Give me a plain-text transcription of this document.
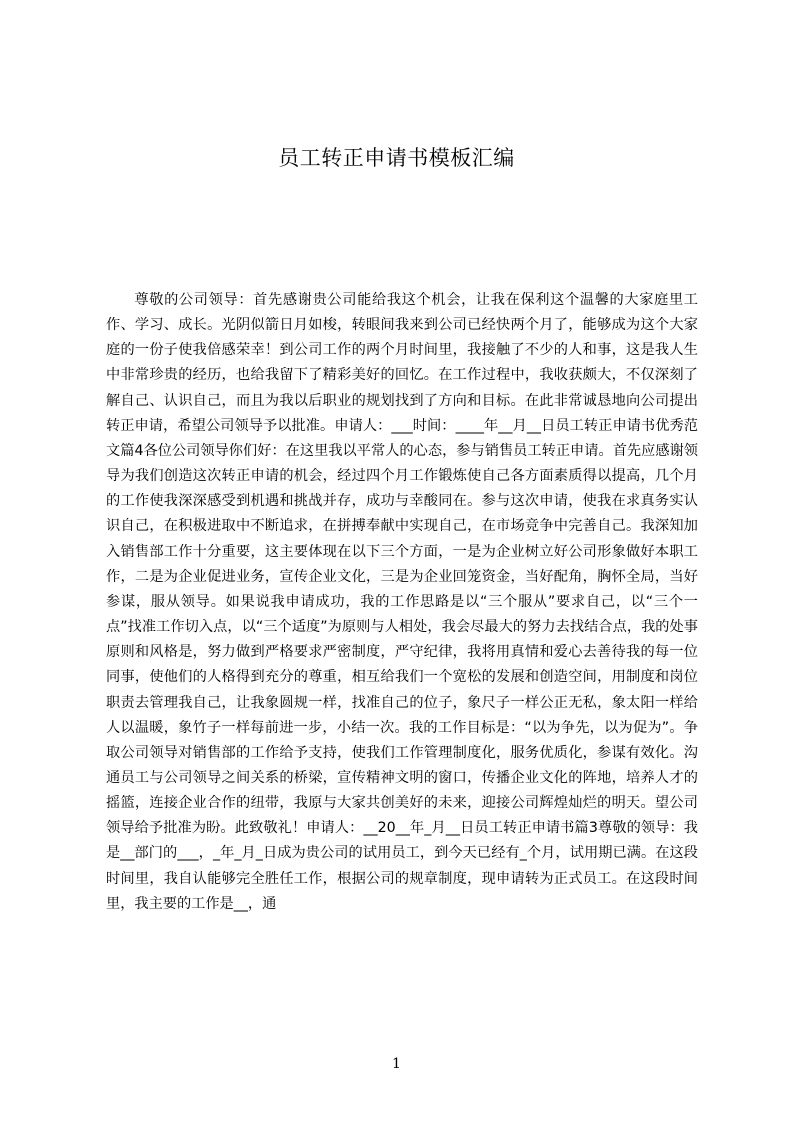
员工转正申请书模板汇编

尊敬的公司领导：首先感谢贵公司能给我这个机会，让我在保利这个温馨的大家庭里工作、学习、成长。光阴似箭日月如梭，转眼间我来到公司已经快两个月了，能够成为这个大家庭的一份子使我倍感荣幸！到公司工作的两个月时间里，我接触了不少的人和事，这是我人生中非常珍贵的经历，也给我留下了精彩美好的回忆。在工作过程中，我收获颇大，不仅深刻了解自己、认识自己，而且为我以后职业的规划找到了方向和目标。在此非常诚恳地向公司提出转正申请，希望公司领导予以批准。申请人：___时间：____年__月__日员工转正申请书优秀范文篇4各位公司领导你们好：在这里我以平常人的心态，参与销售员工转正申请。首先应感谢领导为我们创造这次转正申请的机会，经过四个月工作锻炼使自己各方面素质得以提高，几个月的工作使我深深感受到机遇和挑战并存，成功与幸酸同在。参与这次申请，使我在求真务实认识自己，在积极进取中不断追求，在拼搏奉献中实现自己，在市场竞争中完善自己。我深知加入销售部工作十分重要，这主要体现在以下三个方面，一是为企业树立好公司形象做好本职工作，二是为企业促进业务，宣传企业文化，三是为企业回笼资金，当好配角，胸怀全局，当好参谋，服从领导。如果说我申请成功，我的工作思路是以“三个服从”要求自己，以“三个一点”找准工作切入点，以“三个适度”为原则与人相处，我会尽最大的努力去找结合点，我的处事原则和风格是，努力做到严格要求严密制度，严守纪律，我将用真情和爱心去善待我的每一位同事，使他们的人格得到充分的尊重，相互给我们一个宽松的发展和创造空间，用制度和岗位职责去管理我自己，让我象圆规一样，找准自己的位子，象尺子一样公正无私，象太阳一样给人以温暖，象竹子一样每前进一步，小结一次。我的工作目标是：“以为争先，以为促为”。争取公司领导对销售部的工作给予支持，使我们工作管理制度化，服务优质化，参谋有效化。沟通员工与公司领导之间关系的桥梁，宣传精神文明的窗口，传播企业文化的阵地，培养人才的摇篮，连接企业合作的纽带，我原与大家共创美好的未来，迎接公司辉煌灿烂的明天。望公司领导给予批准为盼。此致敬礼！申请人：__20__年_月__日员工转正申请书篇3尊敬的领导：我是__部门的___，_年_月_日成为贵公司的试用员工，到今天已经有_个月，试用期已满。在这段时间里，我自认能够完全胜任工作，根据公司的规章制度，现申请转为正式员工。在这段时间里，我主要的工作是__，通

1
